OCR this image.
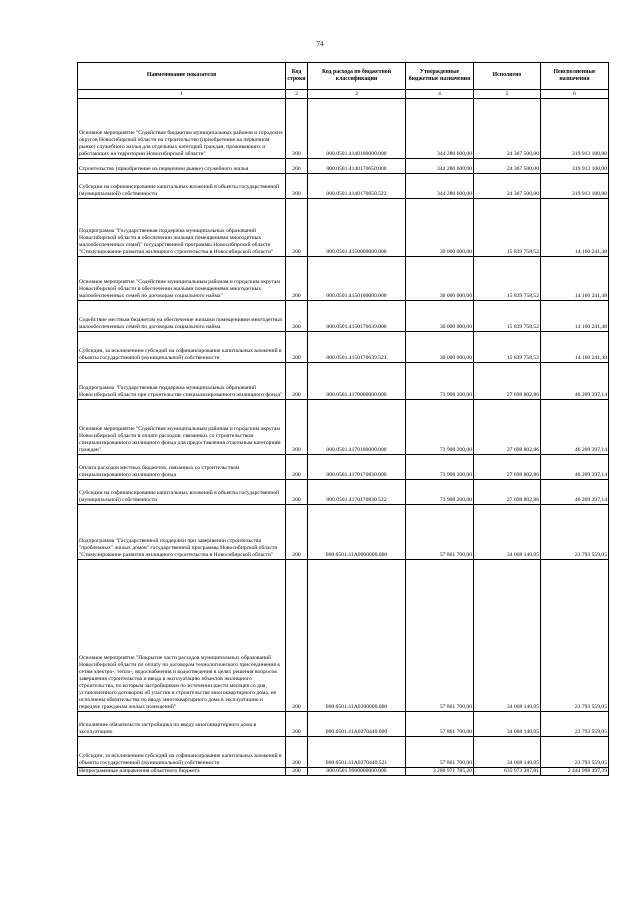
74
Наименование показателя	Код строки	Код расхода по бюджетной классификации	Утвержденные бюджетные назначения	Исполнено	Неисполненные назначения
1	2	3	4	5	6
Основное мероприятие "Содействие бюджетам муниципальных районов и городских округов Новосибирской области на строительство (приобретение на первичном рынке) служебного жилья для отдельных категорий граждан, проживающих и работающих на территории Новосибирской области"	200	000.0501.4140100000.000	344 280 600,00	24 367 500,00	319 913 100,00
Строительство (приобретение на первичном рынке) служебного жилья	200	000.0501.4140170650.000	344 280 600,00	24 367 500,00	319 913 100,00
Субсидии на софинансирование капитальных вложений в объекты государственной (муниципальной) собственности	200	000.0501.4140170650.522	344 280 600,00	24 367 500,00	319 913 100,00
Подпрограмма "Государственная поддержка муниципальных образований Новосибирской области в обеспечении жилыми помещениями многодетных малообеспеченных семей" государственной программы Новосибирской области "Стимулирование развития жилищного строительства в Новосибирской области"	200	000.0501.4150000000.000	30 000 000,00	15 839 758,52	14 160 241,48
Основное мероприятие "Содействие муниципальным районам и городским округам Новосибирской области в обеспечении жилыми помещениями многодетных малообеспеченных семей по договорам социального найма"	200	000.0501.4150100000.000	30 000 000,00	15 839 758,52	14 160 241,48
Содействие местным бюджетам на обеспечение жилыми помещениями многодетных малообеспеченных семей по договорам социального найма	200	000.0501.4150170639.000	30 000 000,00	15 839 758,52	14 160 241,48
Субсидии, за исключением субсидий на софинансирование капитальных вложений в объекты государственной (муниципальной) собственности	200	000.0501.4150170639.521	30 000 000,00	15 839 758,52	14 160 241,48
Подпрограмма "Государственная поддержка муниципальных образований Новосибирской области при строительстве специализированного жилищного фонда"	200	000.0501.4170000000.000	73 908 200,00	27 698 802,86	46 209 397,14
Основное мероприятие "Содействие муниципальным районам и городским округам Новосибирской области в оплате расходов, связанных со строительством специализированного жилищного фонда для предоставления отдельным категориям граждан"	200	000.0501.4170100000.000	73 908 200,00	27 698 802,86	46 209 397,14
Оплата расходов местных бюджетов, связанных со строительством специализированного жилищного фонда	200	000.0501.4170170830.000	73 908 200,00	27 698 802,86	46 209 397,14
Субсидии на софинансирование капитальных вложений в объекты государственной (муниципальной) собственности	200	000.0501.4170170830.522	73 908 200,00	27 698 802,86	46 209 397,14
Подпрограмма "Государственной поддержки при завершении строительства "проблемных" жилых домов" государственной программы Новосибирской области "Стимулирование развития жилищного строительства в Новосибирской области"	200	000.0501.41А0000000.000	57 861 700,00	34 068 140,95	23 793 559,05
Основное мероприятие "Покрытие части расходов муниципальных образований Новосибирской области по оплату по договорам технологического присоединения к сетям электро-, тепло-, водоснабжения и водоотведения в целях решения вопросов завершения строительства и ввода в эксплуатацию объектов жилищного строительства, по которым застройщиком по истечении шести месяцев со дня, установленного договором об участии в строительстве многоквартирного дома, не исполнены обязательства по вводу многоквартирного дома в эксплуатацию и передаче гражданам жилых помещений"	200	000.0501.41А0200000.000	57 861 700,00	34 068 140,95	23 793 559,05
Исполнение обязательств застройщика по вводу многоквартирного дома в эксплуатацию	200	000.0501.41А0270440.000	57 861 700,00	34 068 140,95	23 793 559,05
Субсидии, за исключением субсидий на софинансирование капитальных вложений в объекты государственной (муниципальной) собственности	200	000.0501.41А0270440.521	57 861 700,00	34 068 140,95	23 793 559,05
Непрограммные направления областного бюджета	200	000.0501.9900000000.000	3 280 971 785,20	835 973 287,81	2 444 998 497,39
